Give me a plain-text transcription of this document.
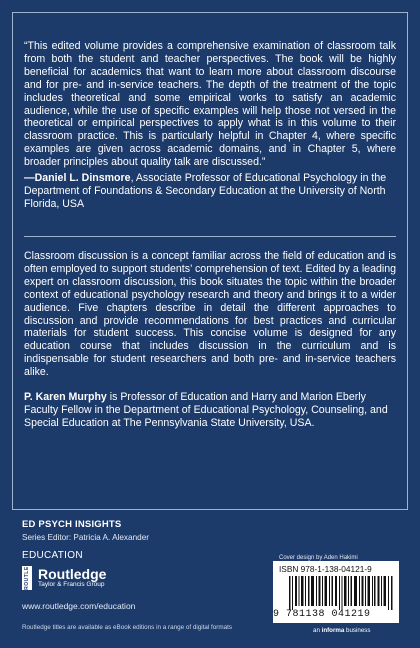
“This edited volume provides a comprehensive examination of classroom talk from both the student and teacher perspectives. The book will be highly beneficial for academics that want to learn more about classroom discourse and for pre- and in-service teachers. The depth of the treatment of the topic includes theoretical and some empirical works to satisfy an academic audience, while the use of specific examples will help those not versed in the theoretical or empirical perspectives to apply what is in this volume to their classroom practice. This is particularly helpful in Chapter 4, where specific examples are given across academic domains, and in Chapter 5, where broader principles about quality talk are discussed.”

—Daniel L. Dinsmore, Associate Professor of Educational Psychology in the Department of Foundations & Secondary Education at the University of North Florida, USA

Classroom discussion is a concept familiar across the field of education and is often employed to support students’ comprehension of text. Edited by a leading expert on classroom discussion, this book situates the topic within the broader context of educational psychology research and theory and brings it to a wider audience. Five chapters describe in detail the different approaches to discussion and provide recommendations for best practices and curricular materials for student success. This concise volume is designed for any education course that includes discussion in the curriculum and is indispensable for student researchers and both pre- and in-service teachers alike.

P. Karen Murphy is Professor of Education and Harry and Marion Eberly Faculty Fellow in the Department of Educational Psychology, Counseling, and Special Education at The Pennsylvania State University, USA.

ED PSYCH INSIGHTS
Series Editor: Patricia A. Alexander
EDUCATION
ROUTLEDGE Routledge
Taylor & Francis Group
www.routledge.com/education
Routledge titles are available as eBook editions in a range of digital formats
Cover design by Aden Hakimi
ISBN 978-1-138-04121-9
9 781138 041219
an informa business
